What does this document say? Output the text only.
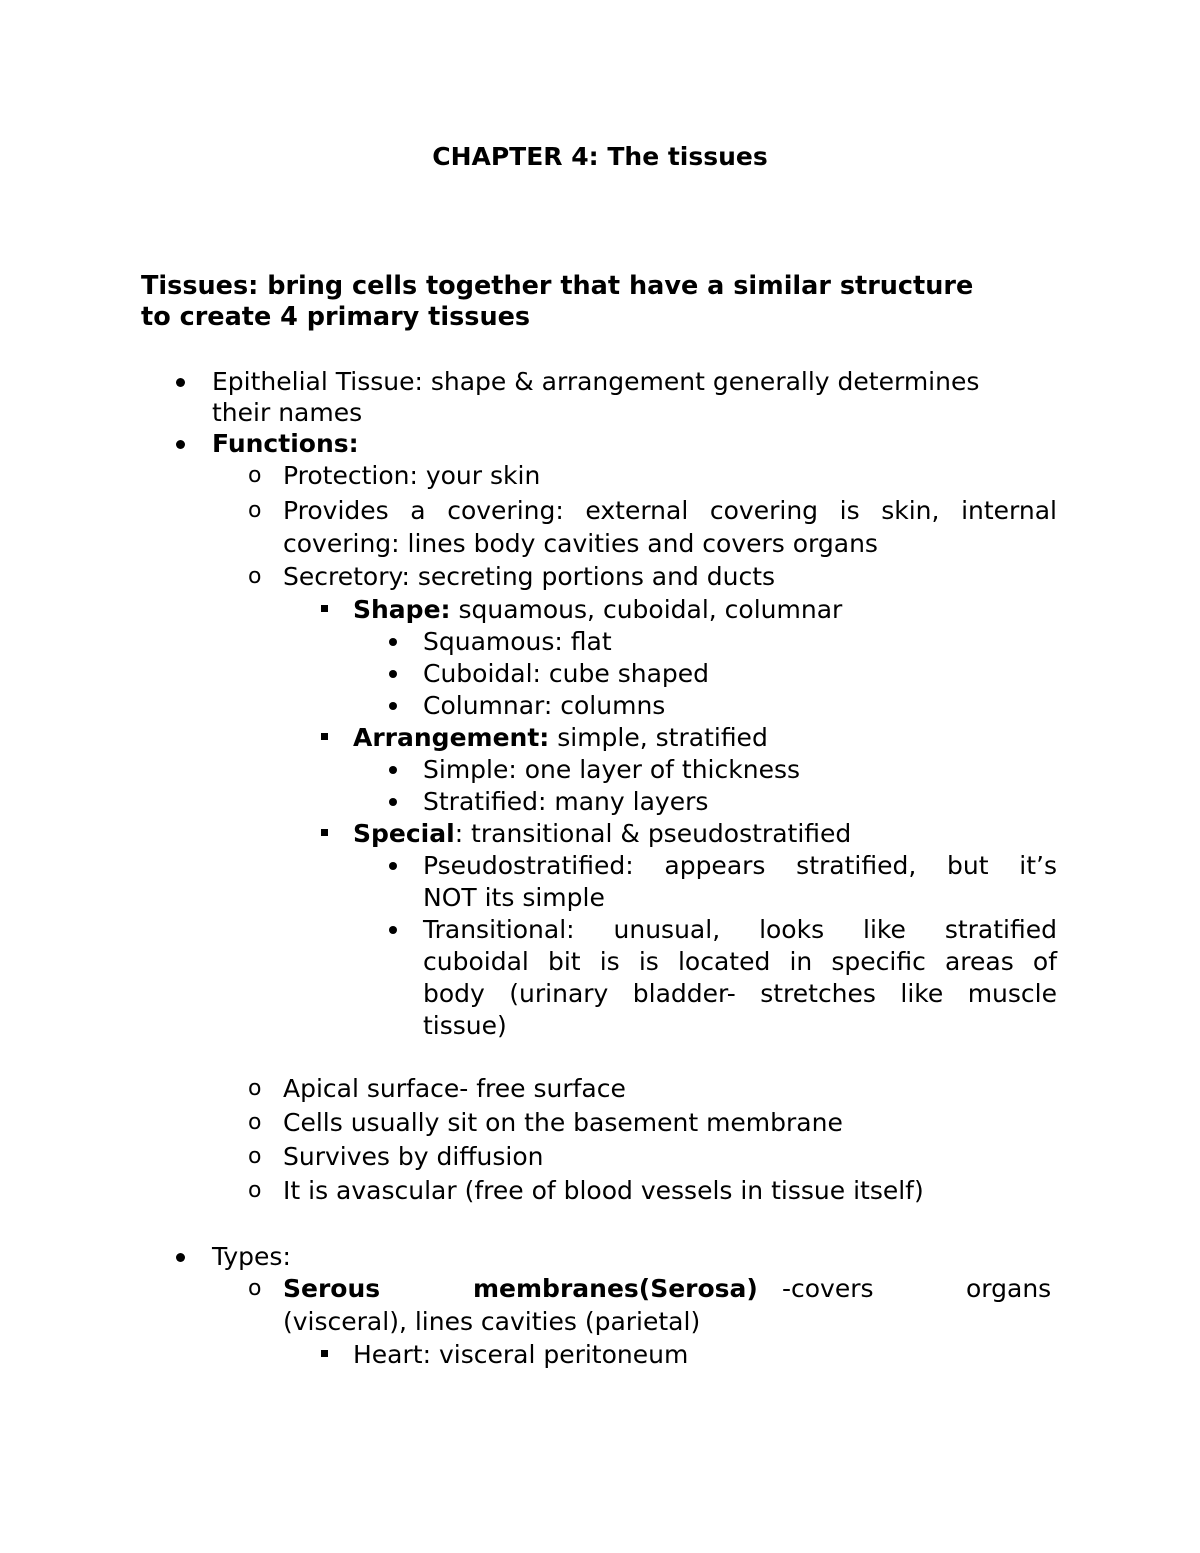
CHAPTER 4: The tissues
Tissues: bring cells together that have a similar structure
to create 4 primary tissues
Epithelial Tissue: shape & arrangement generally determines
their names
Functions:
o Protection: your skin
o Provides a covering: external covering is skin, internal
covering: lines body cavities and covers organs
o Secretory: secreting portions and ducts
Shape: squamous, cuboidal, columnar
Squamous: flat
Cuboidal: cube shaped
Columnar: columns
Arrangement: simple, stratified
Simple: one layer of thickness
Stratified: many layers
Special: transitional & pseudostratified
Pseudostratified: appears stratified, but it’s
NOT its simple
Transitional: unusual, looks like stratified
cuboidal bit is is located in specific areas of
body (urinary bladder- stretches like muscle
tissue)
o Apical surface- free surface
o Cells usually sit on the basement membrane
o Survives by diffusion
o It is avascular (free of blood vessels in tissue itself)
Types:
o Serous	membranes(Serosa) -covers	organs
(visceral), lines cavities (parietal)
Heart: visceral peritoneum
